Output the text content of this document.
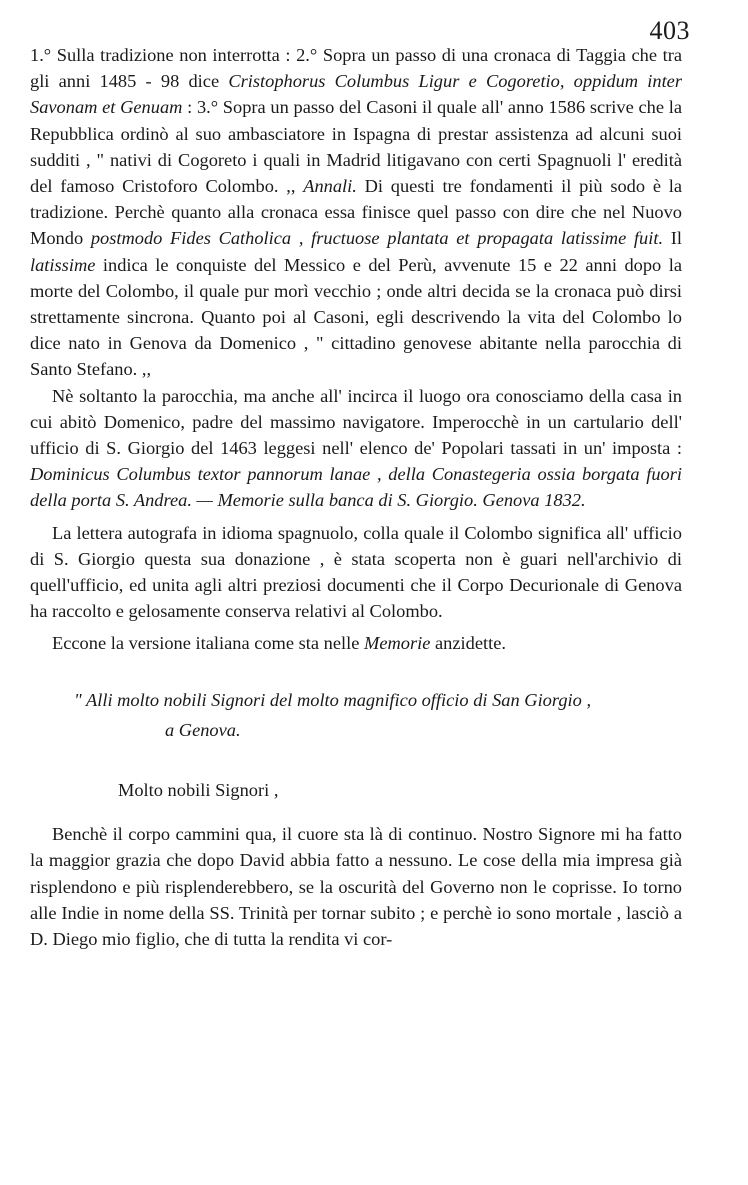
403

1.° Sulla tradizione non interrotta : 2.° Sopra un passo di una cronaca di Taggia che tra gli anni 1485 - 98 dice Cristophorus Columbus Ligur e Cogoretio, oppidum inter Savonam et Genuam : 3.° Sopra un passo del Casoni il quale all' anno 1586 scrive che la Repubblica ordinò al suo ambasciatore in Ispagna di prestar assistenza ad alcuni suoi sudditi , " nativi di Cogoreto i quali in Madrid litigavano con certi Spagnuoli l' eredità del famoso Cristoforo Colombo. ,, Annali. Di questi tre fondamenti il più sodo è la tradizione. Perchè quanto alla cronaca essa finisce quel passo con dire che nel Nuovo Mondo postmodo Fides Catholica , fructuose plantata et propagata latissime fuit. Il latissime indica le conquiste del Messico e del Perù, avvenute 15 e 22 anni dopo la morte del Colombo, il quale pur morì vecchio ; onde altri decida se la cronaca può dirsi strettamente sincrona. Quanto poi al Casoni, egli descrivendo la vita del Colombo lo dice nato in Genova da Domenico , " cittadino genovese abitante nella parocchia di Santo Stefano. ,,

Nè soltanto la parocchia, ma anche all' incirca il luogo ora conosciamo della casa in cui abitò Domenico, padre del massimo navigatore. Imperocchè in un cartulario dell' ufficio di S. Giorgio del 1463 leggesi nell' elenco de' Popolari tassati in un' imposta : Dominicus Columbus textor pannorum lanae , della Conastegeria ossia borgata fuori della porta S. Andrea. — Memorie sulla banca di S. Giorgio. Genova 1832.

La lettera autografa in idioma spagnuolo, colla quale il Colombo significa all' ufficio di S. Giorgio questa sua donazione , è stata scoperta non è guari nell'archivio di quell'ufficio, ed unita agli altri preziosi documenti che il Corpo Decurionale di Genova ha raccolto e gelosamente conserva relativi al Colombo.

Eccone la versione italiana come sta nelle Memorie anzidette.

" Alli molto nobili Signori del molto magnifico officio di San Giorgio ,

a Genova.

Molto nobili Signori ,

Benchè il corpo cammini qua, il cuore sta là di continuo. Nostro Signore mi ha fatto la maggior grazia che dopo David abbia fatto a nessuno. Le cose della mia impresa già risplendono e più risplenderebbero, se la oscurità del Governo non le coprisse. Io torno alle Indie in nome della SS. Trinità per tornar subito ; e perchè io sono mortale , lasciò a D. Diego mio figlio, che di tutta la rendita vi cor-
